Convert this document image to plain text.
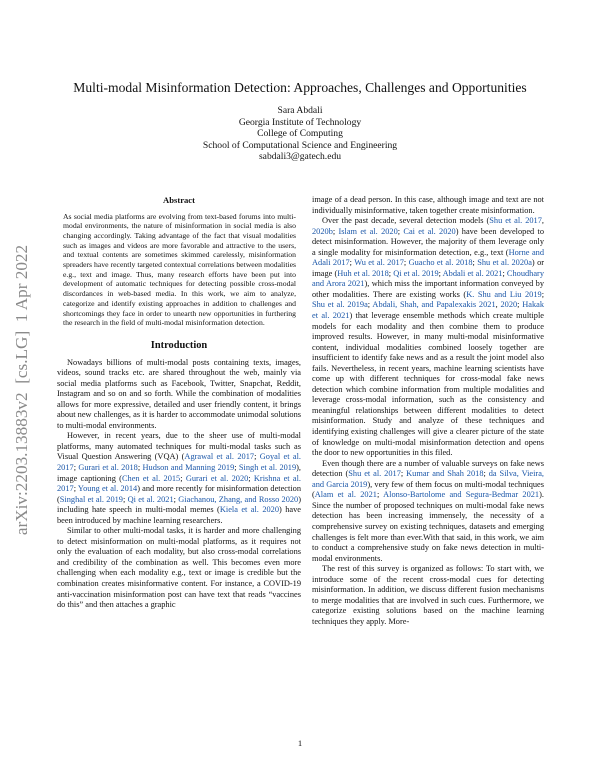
Multi-modal Misinformation Detection: Approaches, Challenges and Opportunities
Sara Abdali
Georgia Institute of Technology
College of Computing
School of Computational Science and Engineering
sabdali3@gatech.edu
arXiv:2203.13883v2  [cs.LG]  1 Apr 2022
Abstract
As social media platforms are evolving from text-based forums into multi-modal environments, the nature of misinformation in social media is also changing accordingly. Taking advantage of the fact that visual modalities such as images and videos are more favorable and attractive to the users, and textual contents are sometimes skimmed carelessly, misinformation spreaders have recently targeted contextual correlations between modalities e.g., text and image. Thus, many research efforts have been put into development of automatic techniques for detecting possible cross-modal discordances in web-based media. In this work, we aim to analyze, categorize and identify existing approaches in addition to challenges and shortcomings they face in order to unearth new opportunities in furthering the research in the field of multi-modal misinformation detection.
Introduction

Nowadays billions of multi-modal posts containing texts, images, videos, sound tracks etc. are shared throughout the web, mainly via social media platforms such as Facebook, Twitter, Snapchat, Reddit, Instagram and so on and so forth. While the combination of modalities allows for more expressive, detailed and user friendly content, it brings about new challenges, as it is harder to accommodate unimodal solutions to multi-modal environments.

However, in recent years, due to the sheer use of multi-modal platforms, many automated techniques for multi-modal tasks such as Visual Question Answering (VQA) (Agrawal et al. 2017; Goyal et al. 2017; Gurari et al. 2018; Hudson and Manning 2019; Singh et al. 2019), image captioning (Chen et al. 2015; Gurari et al. 2020; Krishna et al. 2017; Young et al. 2014) and more recently for misinformation detection (Singhal et al. 2019; Qi et al. 2021; Giachanou, Zhang, and Rosso 2020) including hate speech in multi-modal memes (Kiela et al. 2020) have been introduced by machine learning researchers.

Similar to other multi-modal tasks, it is harder and more challenging to detect misinformation on multi-modal platforms, as it requires not only the evaluation of each modality, but also cross-modal correlations and credibility of the combination as well. This becomes even more challenging when each modality e.g., text or image is credible but the combination creates misinformative content. For instance, a COVID-19 anti-vaccination misinformation post can have text that reads “vaccines do this” and then attaches a graphic

image of a dead person. In this case, although image and text are not individually misinformative, taken together create misinformation.

Over the past decade, several detection models (Shu et al. 2017, 2020b; Islam et al. 2020; Cai et al. 2020) have been developed to detect misinformation. However, the majority of them leverage only a single modality for misinformation detection, e.g., text (Horne and Adali 2017; Wu et al. 2017; Guacho et al. 2018; Shu et al. 2020a) or image (Huh et al. 2018; Qi et al. 2019; Abdali et al. 2021; Choudhary and Arora 2021), which miss the important information conveyed by other modalities. There are existing works (K. Shu and Liu 2019; Shu et al. 2019a; Abdali, Shah, and Papalexakis 2021, 2020; Hakak et al. 2021) that leverage ensemble methods which create multiple models for each modality and then combine them to produce improved results. However, in many multi-modal misinformative content, individual modalities combined loosely together are insufficient to identify fake news and as a result the joint model also fails. Nevertheless, in recent years, machine learning scientists have come up with different techniques for cross-modal fake news detection which combine information from multiple modalities and leverage cross-modal information, such as the consistency and meaningful relationships between different modalities to detect misinformation. Study and analyze of these techniques and identifying existing challenges will give a clearer picture of the state of knowledge on multi-modal misinformation detection and opens the door to new opportunities in this filed.

Even though there are a number of valuable surveys on fake news detection (Shu et al. 2017; Kumar and Shah 2018; da Silva, Vieira, and Garcia 2019), very few of them focus on multi-modal techniques (Alam et al. 2021; Alonso-Bartolome and Segura-Bedmar 2021). Since the number of proposed techniques on multi-modal fake news detection has been increasing immensely, the necessity of a comprehensive survey on existing techniques, datasets and emerging challenges is felt more than ever.With that said, in this work, we aim to conduct a comprehensive study on fake news detection in multi-modal environments.

The rest of this survey is organized as follows: To start with, we introduce some of the recent cross-modal cues for detecting misinformation. In addition, we discuss different fusion mechanisms to merge modalities that are involved in such cues. Furthermore, we categorize existing solutions based on the machine learning techniques they apply. More-

1
